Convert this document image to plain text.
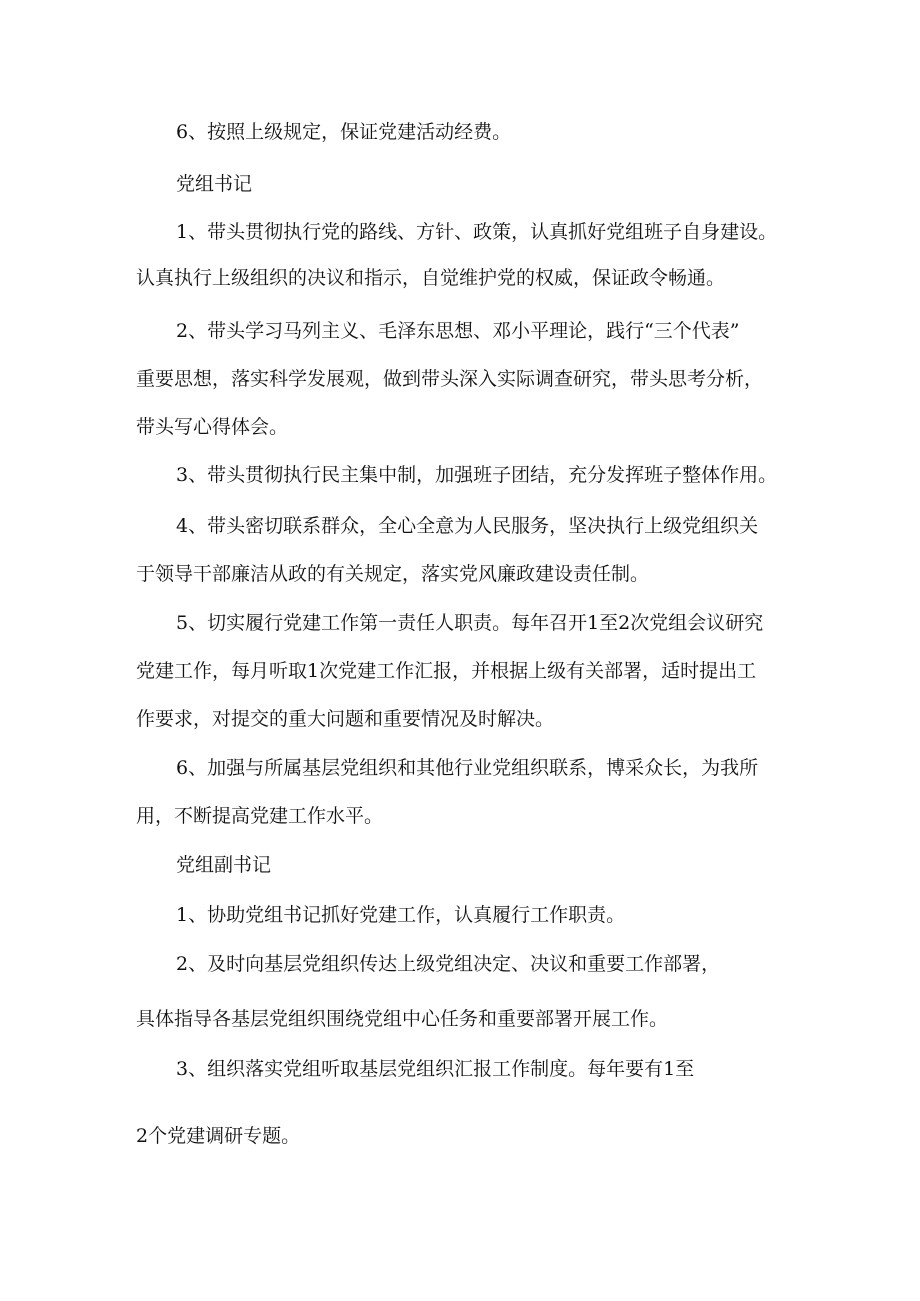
6、按照上级规定，保证党建活动经费。
党组书记
1、带头贯彻执行党的路线、方针、政策，认真抓好党组班子自身建设。
认真执行上级组织的决议和指示，自觉维护党的权威，保证政令畅通。
2、带头学习马列主义、毛泽东思想、邓小平理论，践行“三个代表”
重要思想，落实科学发展观，做到带头深入实际调查研究，带头思考分析，
带头写心得体会。
3、带头贯彻执行民主集中制，加强班子团结，充分发挥班子整体作用。
4、带头密切联系群众，全心全意为人民服务，坚决执行上级党组织关
于领导干部廉洁从政的有关规定，落实党风廉政建设责任制。
5、切实履行党建工作第一责任人职责。每年召开1至2次党组会议研究
党建工作，每月听取1次党建工作汇报，并根据上级有关部署，适时提出工
作要求，对提交的重大问题和重要情况及时解决。
6、加强与所属基层党组织和其他行业党组织联系，博采众长，为我所
用，不断提高党建工作水平。
党组副书记
1、协助党组书记抓好党建工作，认真履行工作职责。
2、及时向基层党组织传达上级党组决定、决议和重要工作部署，
具体指导各基层党组织围绕党组中心任务和重要部署开展工作。
3、组织落实党组听取基层党组织汇报工作制度。每年要有1至
2个党建调研专题。
